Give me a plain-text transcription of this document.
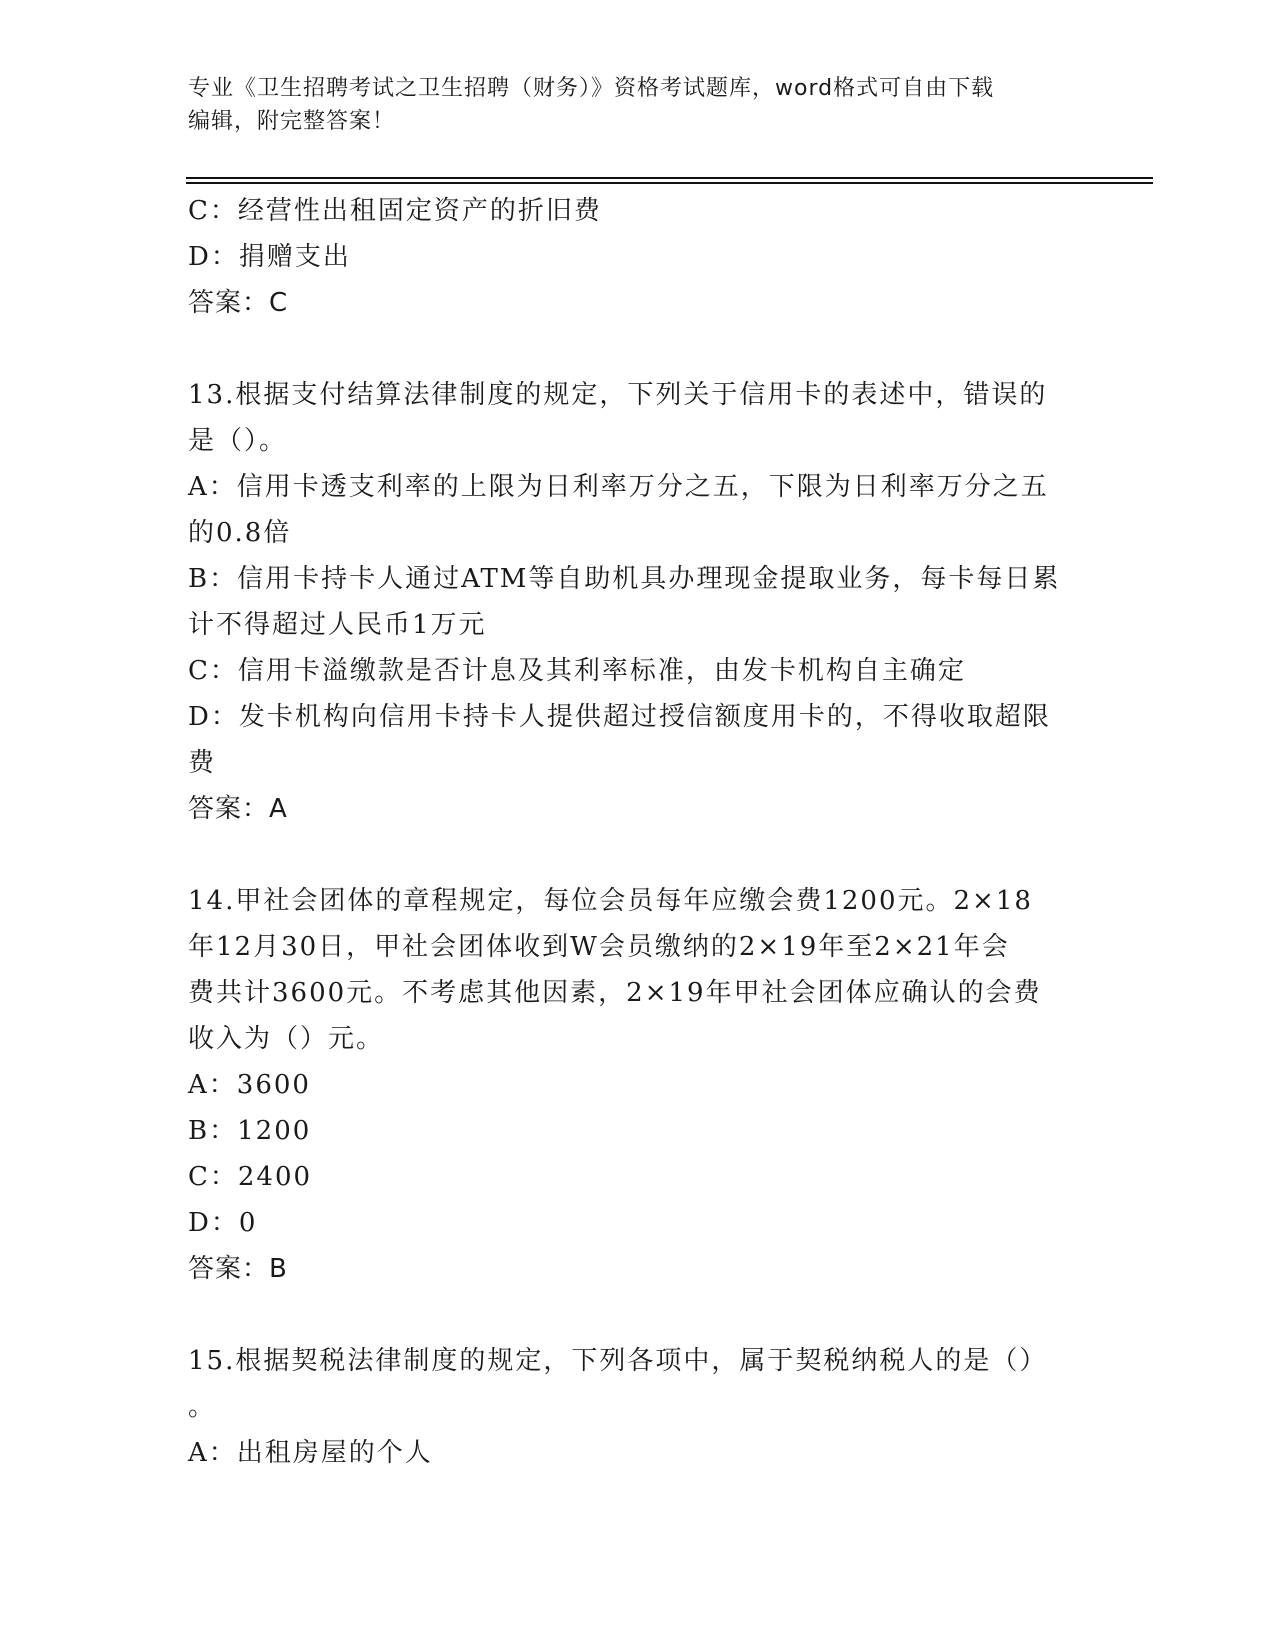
专业《卫生招聘考试之卫生招聘（财务）》资格考试题库，word格式可自由下载
编辑，附完整答案！
C：经营性出租固定资产的折旧费
D：捐赠支出
答案：C
13.根据支付结算法律制度的规定，下列关于信用卡的表述中，错误的
是（）。
A：信用卡透支利率的上限为日利率万分之五，下限为日利率万分之五
的0.8倍
B：信用卡持卡人通过ATM等自助机具办理现金提取业务，每卡每日累
计不得超过人民币1万元
C：信用卡溢缴款是否计息及其利率标准，由发卡机构自主确定
D：发卡机构向信用卡持卡人提供超过授信额度用卡的，不得收取超限
费
答案：A
14.甲社会团体的章程规定，每位会员每年应缴会费1200元。2×18
年12月30日，甲社会团体收到W会员缴纳的2×19年至2×21年会
费共计3600元。不考虑其他因素，2×19年甲社会团体应确认的会费
收入为（）元。
A：3600
B：1200
C：2400
D：0
答案：B
15.根据契税法律制度的规定，下列各项中，属于契税纳税人的是（）
。
A：出租房屋的个人
